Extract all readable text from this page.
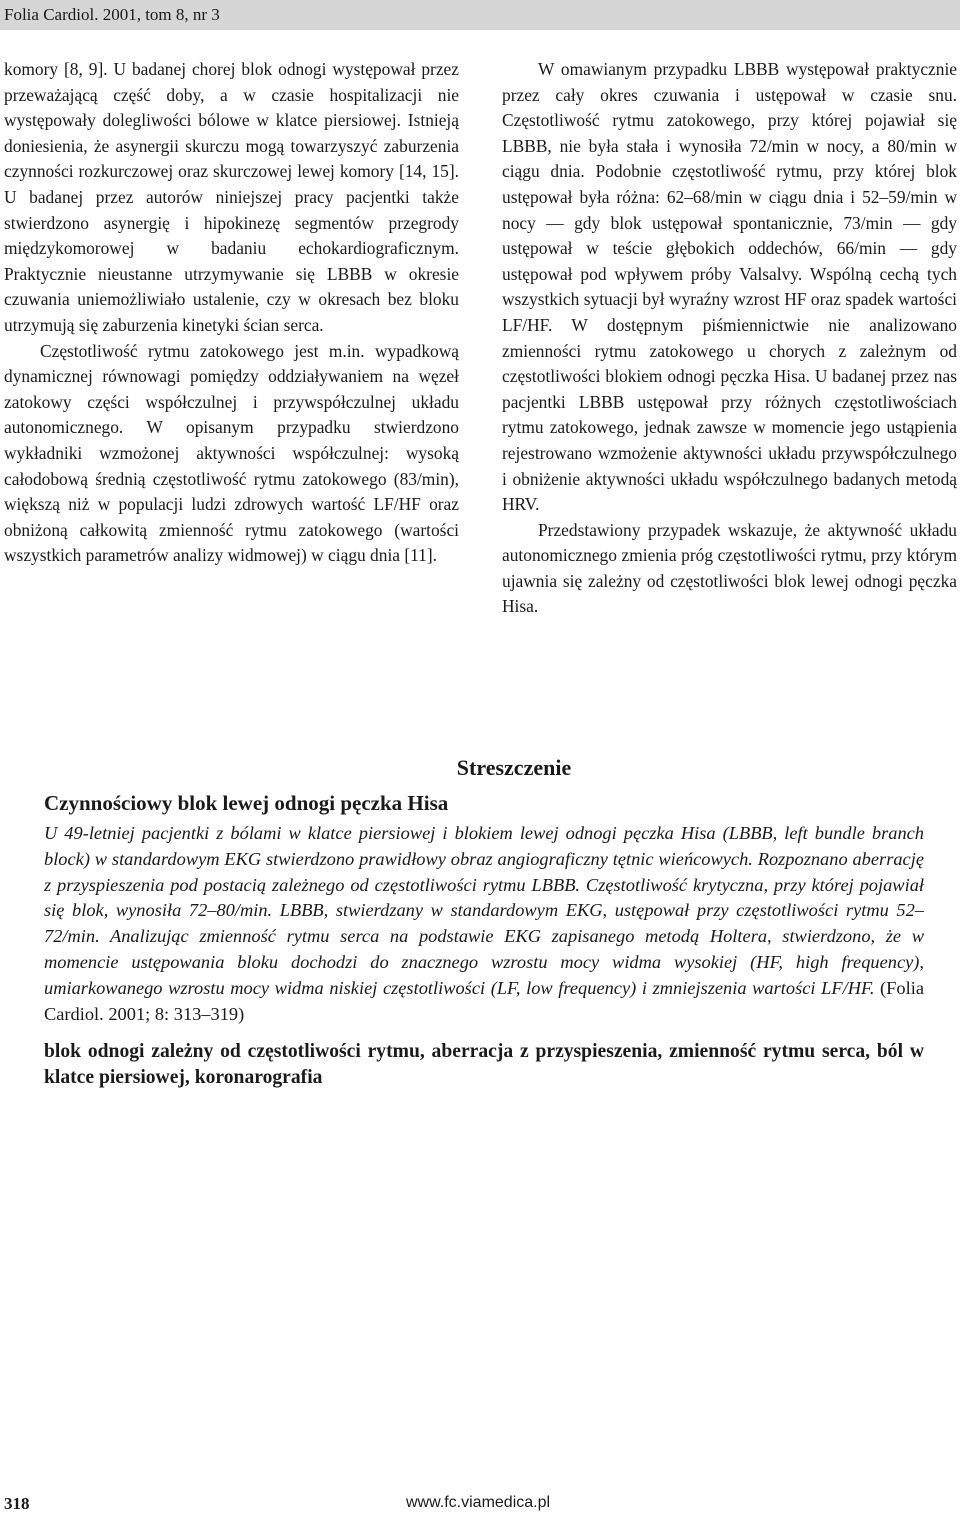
Folia Cardiol. 2001, tom 8, nr 3

komory [8, 9]. U badanej chorej blok odnogi występował przez przeważającą część doby, a w czasie hospitalizacji nie występowały dolegliwości bólowe w klatce piersiowej. Istnieją doniesienia, że asynergii skurczu mogą towarzyszyć zaburzenia czynności rozkurczowej oraz skurczowej lewej komory [14, 15]. U badanej przez autorów niniejszej pracy pacjentki także stwierdzono asynergię i hipokinezę segmentów przegrody międzykomorowej w badaniu echokardiograficznym. Praktycznie nieustanne utrzymywanie się LBBB w okresie czuwania uniemożliwiało ustalenie, czy w okresach bez bloku utrzymują się zaburzenia kinetyki ścian serca.

Częstotliwość rytmu zatokowego jest m.in. wypadkową dynamicznej równowagi pomiędzy oddziaływaniem na węzeł zatokowy części współczulnej i przywspółczulnej układu autonomicznego. W opisanym przypadku stwierdzono wykładniki wzmożonej aktywności współczulnej: wysoką całodobową średnią częstotliwość rytmu zatokowego (83/min), większą niż w populacji ludzi zdrowych wartość LF/HF oraz obniżoną całkowitą zmienność rytmu zatokowego (wartości wszystkich parametrów analizy widmowej) w ciągu dnia [11].

W omawianym przypadku LBBB występował praktycznie przez cały okres czuwania i ustępował w czasie snu. Częstotliwość rytmu zatokowego, przy której pojawiał się LBBB, nie była stała i wynosiła 72/min w nocy, a 80/min w ciągu dnia. Podobnie częstotliwość rytmu, przy której blok ustępował była różna: 62–68/min w ciągu dnia i 52–59/min w nocy — gdy blok ustępował spontanicznie, 73/min — gdy ustępował w teście głębokich oddechów, 66/min — gdy ustępował pod wpływem próby Valsalvy. Wspólną cechą tych wszystkich sytuacji był wyraźny wzrost HF oraz spadek wartości LF/HF. W dostępnym piśmiennictwie nie analizowano zmienności rytmu zatokowego u chorych z zależnym od częstotliwości blokiem odnogi pęczka Hisa. U badanej przez nas pacjentki LBBB ustępował przy różnych częstotliwościach rytmu zatokowego, jednak zawsze w momencie jego ustąpienia rejestrowano wzmożenie aktywności układu przywspółczulnego i obniżenie aktywności układu współczulnego badanych metodą HRV.

Przedstawiony przypadek wskazuje, że aktywność układu autonomicznego zmienia próg częstotliwości rytmu, przy którym ujawnia się zależny od częstotliwości blok lewej odnogi pęczka Hisa.

Streszczenie
Czynnościowy blok lewej odnogi pęczka Hisa

U 49-letniej pacjentki z bólami w klatce piersiowej i blokiem lewej odnogi pęczka Hisa (LBBB, left bundle branch block) w standardowym EKG stwierdzono prawidłowy obraz angiograficzny tętnic wieńcowych. Rozpoznano aberrację z przyspieszenia pod postacią zależnego od częstotliwości rytmu LBBB. Częstotliwość krytyczna, przy której pojawiał się blok, wynosiła 72–80/min. LBBB, stwierdzany w standardowym EKG, ustępował przy częstotliwości rytmu 52–72/min. Analizując zmienność rytmu serca na podstawie EKG zapisanego metodą Holtera, stwierdzono, że w momencie ustępowania bloku dochodzi do znacznego wzrostu mocy widma wysokiej (HF, high frequency), umiarkowanego wzrostu mocy widma niskiej częstotliwości (LF, low frequency) i zmniejszenia wartości LF/HF. (Folia Cardiol. 2001; 8: 313–319)

blok odnogi zależny od częstotliwości rytmu, aberracja z przyspieszenia, zmienność rytmu serca, ból w klatce piersiowej, koronarografia

318	www.fc.viamedica.pl
